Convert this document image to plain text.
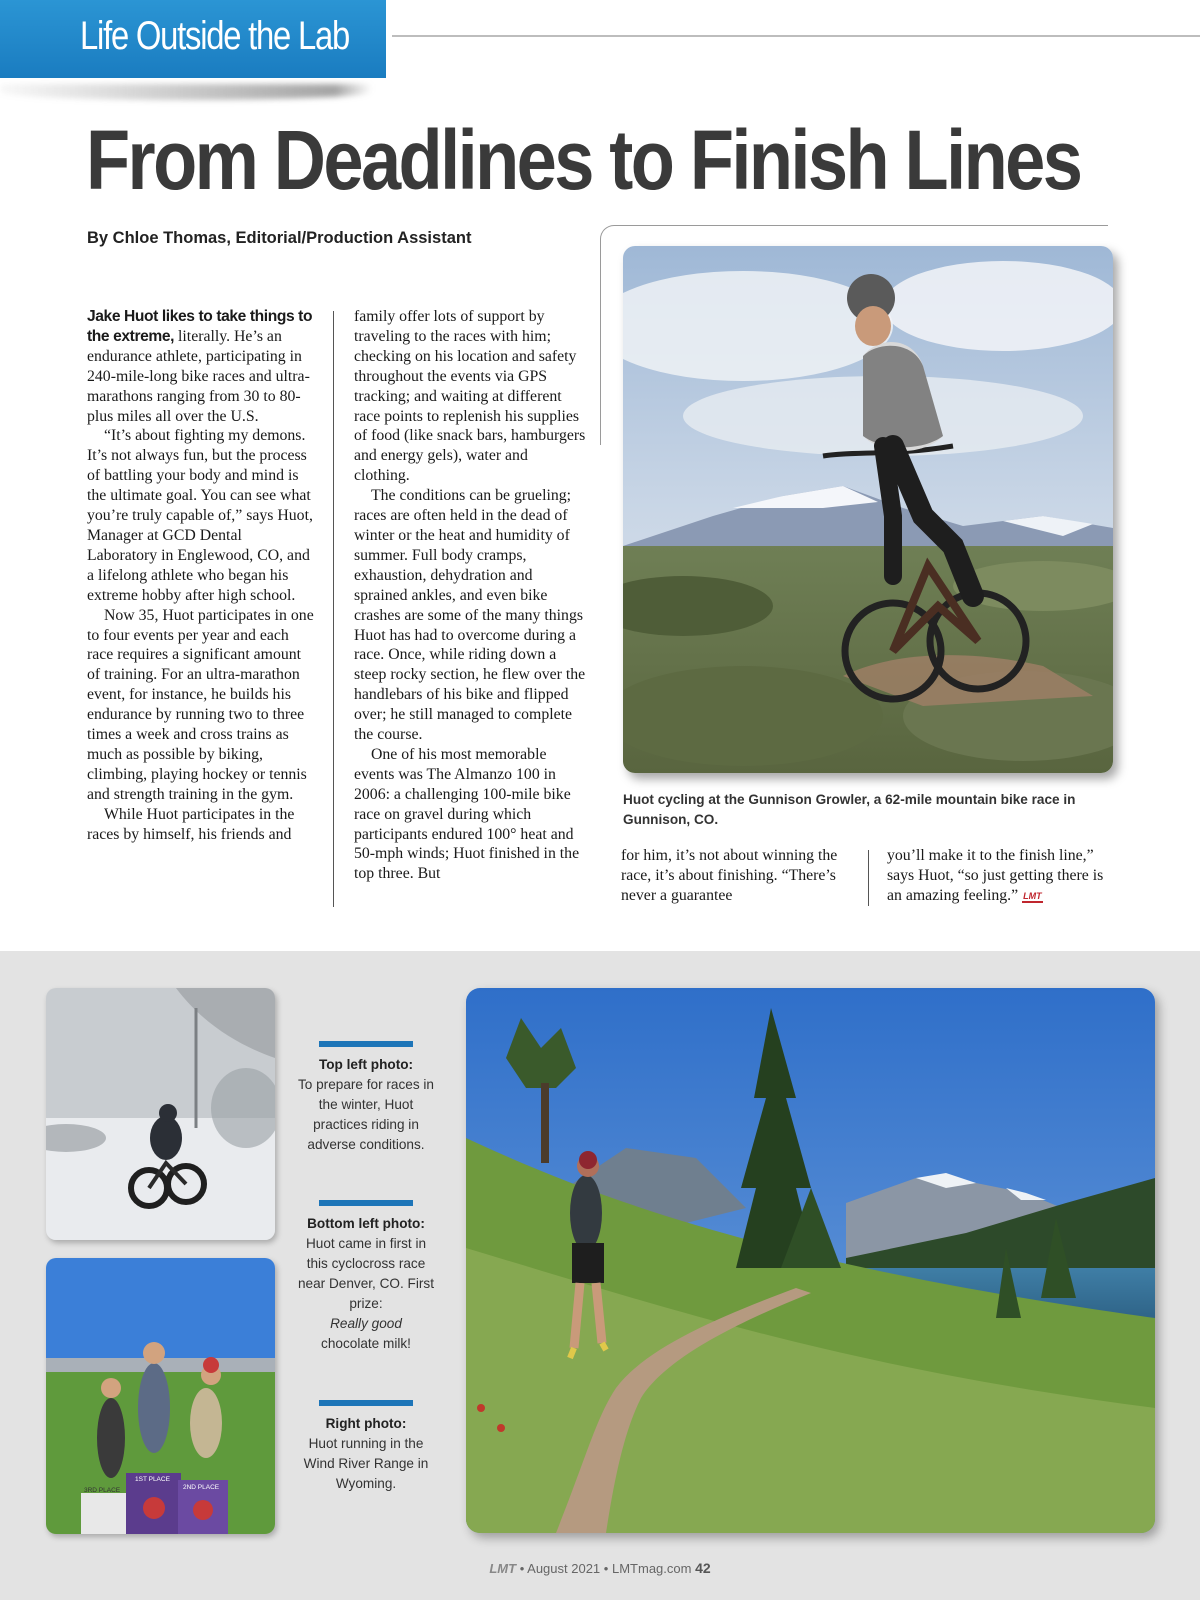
Life Outside the Lab
From Deadlines to Finish Lines
By Chloe Thomas, Editorial/Production Assistant

Jake Huot likes to take things to the extreme, literally. He’s an endurance athlete, participating in 240-mile-long bike races and ultra-marathons ranging from 30 to 80-plus miles all over the U.S.

“It’s about fighting my demons. It’s not always fun, but the process of battling your body and mind is the ultimate goal. You can see what you’re truly capable of,” says Huot, Manager at GCD Dental Laboratory in Englewood, CO, and a lifelong athlete who began his extreme hobby after high school.

Now 35, Huot participates in one to four events per year and each race requires a significant amount of training. For an ultra-marathon event, for instance, he builds his endurance by running two to three times a week and cross trains as much as possible by biking, climbing, playing hockey or tennis and strength training in the gym.

While Huot participates in the races by himself, his friends and

family offer lots of support by traveling to the races with him; checking on his location and safety throughout the events via GPS tracking; and waiting at different race points to replenish his supplies of food (like snack bars, hamburgers and energy gels), water and clothing.

The conditions can be grueling; races are often held in the dead of winter or the heat and humidity of summer. Full body cramps, exhaustion, dehydration and sprained ankles, and even bike crashes are some of the many things Huot has had to overcome during a race. Once, while riding down a steep rocky section, he flew over the handlebars of his bike and flipped over; he still managed to complete the course.

One of his most memorable events was The Almanzo 100 in 2006: a challenging 100-mile bike race on gravel during which participants endured 100° heat and 50-mph winds; Huot finished in the top three. But

Huot cycling at the Gunnison Growler, a 62-mile mountain bike race in Gunnison, CO.

for him, it’s not about winning the race, it’s about finishing. “There’s never a guarantee

you’ll make it to the finish line,” says Huot, “so just getting there is an amazing feeling.” LMT

3RD PLACE
1ST PLACE
2ND PLACE
Top left photo:
To prepare for races in the winter, Huot practices riding in adverse conditions.
Bottom left photo:
Huot came in first in this cyclocross race near Denver, CO. First prize:
Really good
chocolate milk!
Right photo:
Huot running in the Wind River Range in Wyoming.
LMT • August 2021 • LMTmag.com 42
